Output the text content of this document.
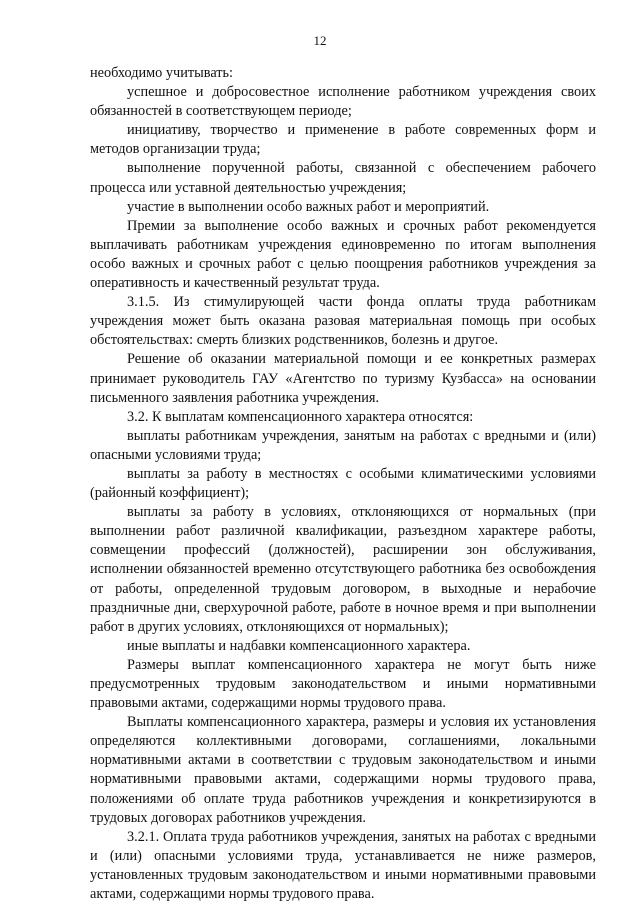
12

необходимо учитывать:

успешное и добросовестное исполнение работником учреждения своих обязанностей в соответствующем периоде;

инициативу, творчество и применение в работе современных форм и методов организации труда;

выполнение порученной работы, связанной с обеспечением рабочего процесса или уставной деятельностью учреждения;

участие в выполнении особо важных работ и мероприятий.

Премии за выполнение особо важных и срочных работ рекомендуется выплачивать работникам учреждения единовременно по итогам выполнения особо важных и срочных работ с целью поощрения работников учреждения за оперативность и качественный результат труда.

3.1.5. Из стимулирующей части фонда оплаты труда работникам учреждения может быть оказана разовая материальная помощь при особых обстоятельствах: смерть близких родственников, болезнь и другое.

Решение об оказании материальной помощи и ее конкретных размерах принимает руководитель ГАУ «Агентство по туризму Кузбасса» на основании письменного заявления работника учреждения.

3.2. К выплатам компенсационного характера относятся:

выплаты работникам учреждения, занятым на работах с вредными и (или) опасными условиями труда;

выплаты за работу в местностях с особыми климатическими условиями (районный коэффициент);

выплаты за работу в условиях, отклоняющихся от нормальных (при выполнении работ различной квалификации, разъездном характере работы, совмещении профессий (должностей), расширении зон обслуживания, исполнении обязанностей временно отсутствующего работника без освобождения от работы, определенной трудовым договором, в выходные и нерабочие праздничные дни, сверхурочной работе, работе в ночное время и при выполнении работ в других условиях, отклоняющихся от нормальных);

иные выплаты и надбавки компенсационного характера.

Размеры выплат компенсационного характера не могут быть ниже предусмотренных трудовым законодательством и иными нормативными правовыми актами, содержащими нормы трудового права.

Выплаты компенсационного характера, размеры и условия их установления определяются коллективными договорами, соглашениями, локальными нормативными актами в соответствии с трудовым законодательством и иными нормативными правовыми актами, содержащими нормы трудового права, положениями об оплате труда работников учреждения и конкретизируются в трудовых договорах работников учреждения.

3.2.1. Оплата труда работников учреждения, занятых на работах с вредными и (или) опасными условиями труда, устанавливается не ниже размеров, установленных трудовым законодательством и иными нормативными правовыми актами, содержащими нормы трудового права.
